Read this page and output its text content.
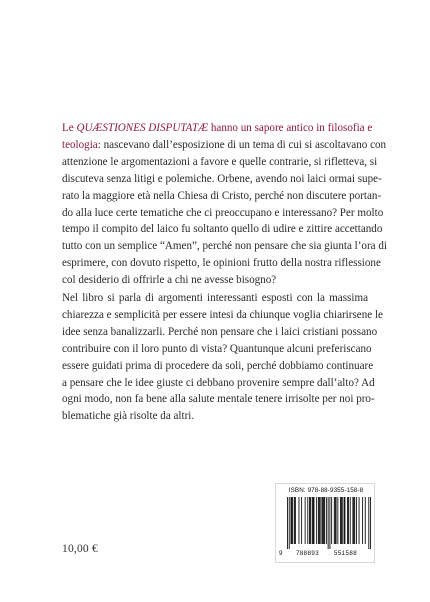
Le QUÆSTIONES DISPUTATÆ hanno un sapore antico in filosofia e
teologia: nascevano dall’esposizione di un tema di cui si ascoltavano con
attenzione le argomentazioni a favore e quelle contrarie, si rifletteva, si
discuteva senza litigi e polemiche. Orbene, avendo noi laici ormai supe-
rato la maggiore età nella Chiesa di Cristo, perché non discutere portan-
do alla luce certe tematiche che ci preoccupano e interessano? Per molto
tempo il compito del laico fu soltanto quello di udire e zittire accettando
tutto con un semplice “Amen”, perché non pensare che sia giunta l’ora di
esprimere, con dovuto rispetto, le opinioni frutto della nostra riflessione
col desiderio di offrirle a chi ne avesse bisogno?
Nel libro si parla di argomenti interessanti esposti con la massima
chiarezza e semplicità per essere intesi da chiunque voglia chiarirsene le
idee senza banalizzarli. Perché non pensare che i laici cristiani possano
contribuire con il loro punto di vista? Quantunque alcuni preferiscano
essere guidati prima di procedere da soli, perché dobbiamo continuare
a pensare che le idee giuste ci debbano provenire sempre dall’alto? Ad
ogni modo, non fa bene alla salute mentale tenere irrisolte per noi pro-
blematiche già risolte da altri.
10,00 €
ISBN: 978-88-9355-158-8
9 788893 551588
